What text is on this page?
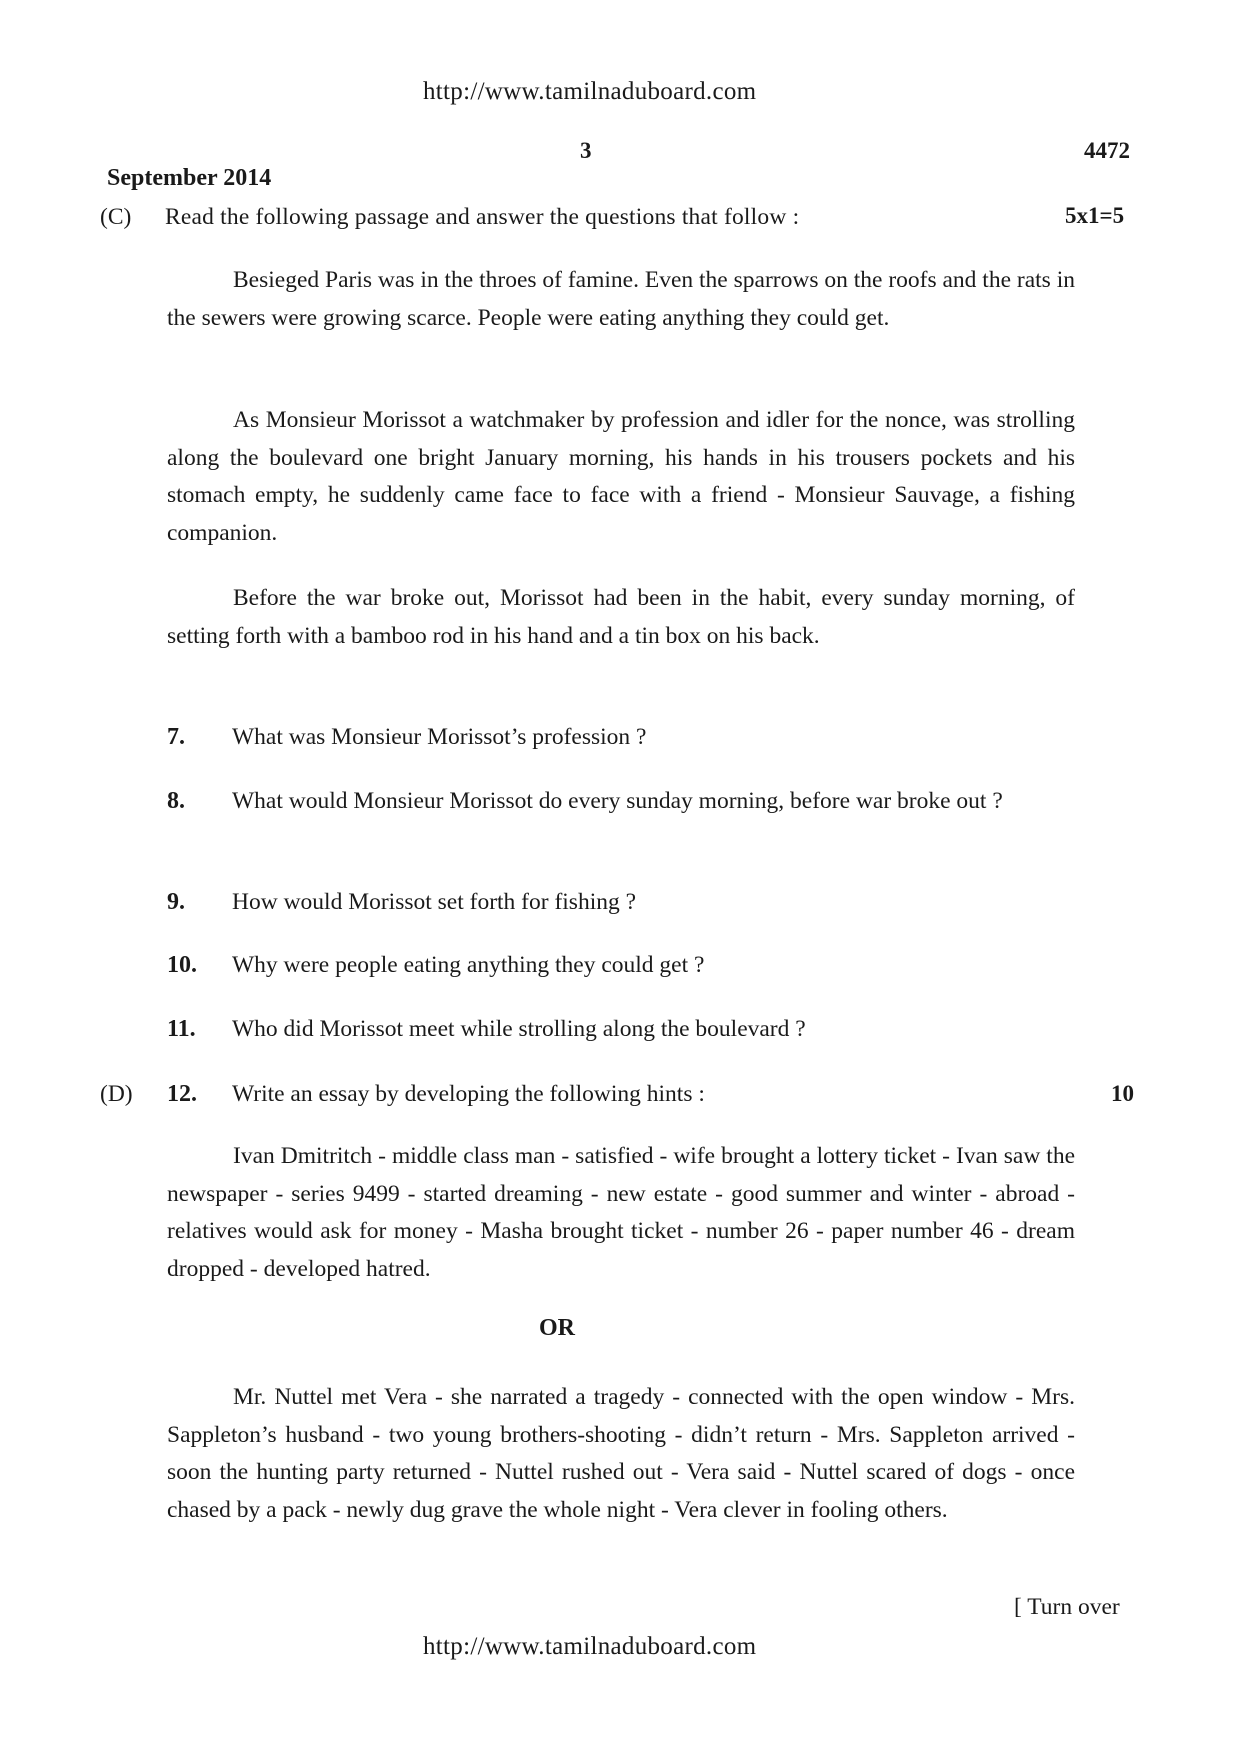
http://www.tamilnaduboard.com
3	4472
September 2014
(C) Read the following passage and answer the questions that follow :	5x1=5
Besieged Paris was in the throes of famine. Even the sparrows on the roofs and the rats in the sewers were growing scarce. People were eating anything they could get.
As Monsieur Morissot a watchmaker by profession and idler for the nonce, was strolling along the boulevard one bright January morning, his hands in his trousers pockets and his stomach empty, he suddenly came face to face with a friend - Monsieur Sauvage, a fishing companion.
Before the war broke out, Morissot had been in the habit, every sunday morning, of setting forth with a bamboo rod in his hand and a tin box on his back.
7. What was Monsieur Morissot’s profession ?
8. What would Monsieur Morissot do every sunday morning, before war broke out ?
9. How would Morissot set forth for fishing ?
10. Why were people eating anything they could get ?
11. Who did Morissot meet while strolling along the boulevard ?
(D) 12. Write an essay by developing the following hints :	10
Ivan Dmitritch - middle class man - satisfied - wife brought a lottery ticket - Ivan saw the newspaper - series 9499 - started dreaming - new estate - good summer and winter - abroad - relatives would ask for money - Masha brought ticket - number 26 - paper number 46 - dream dropped - developed hatred.
OR
Mr. Nuttel met Vera - she narrated a tragedy - connected with the open window - Mrs. Sappleton’s husband - two young brothers-shooting - didn’t return - Mrs. Sappleton arrived - soon the hunting party returned - Nuttel rushed out - Vera said - Nuttel scared of dogs - once chased by a pack - newly dug grave the whole night - Vera clever in fooling others.
[ Turn over
http://www.tamilnaduboard.com
